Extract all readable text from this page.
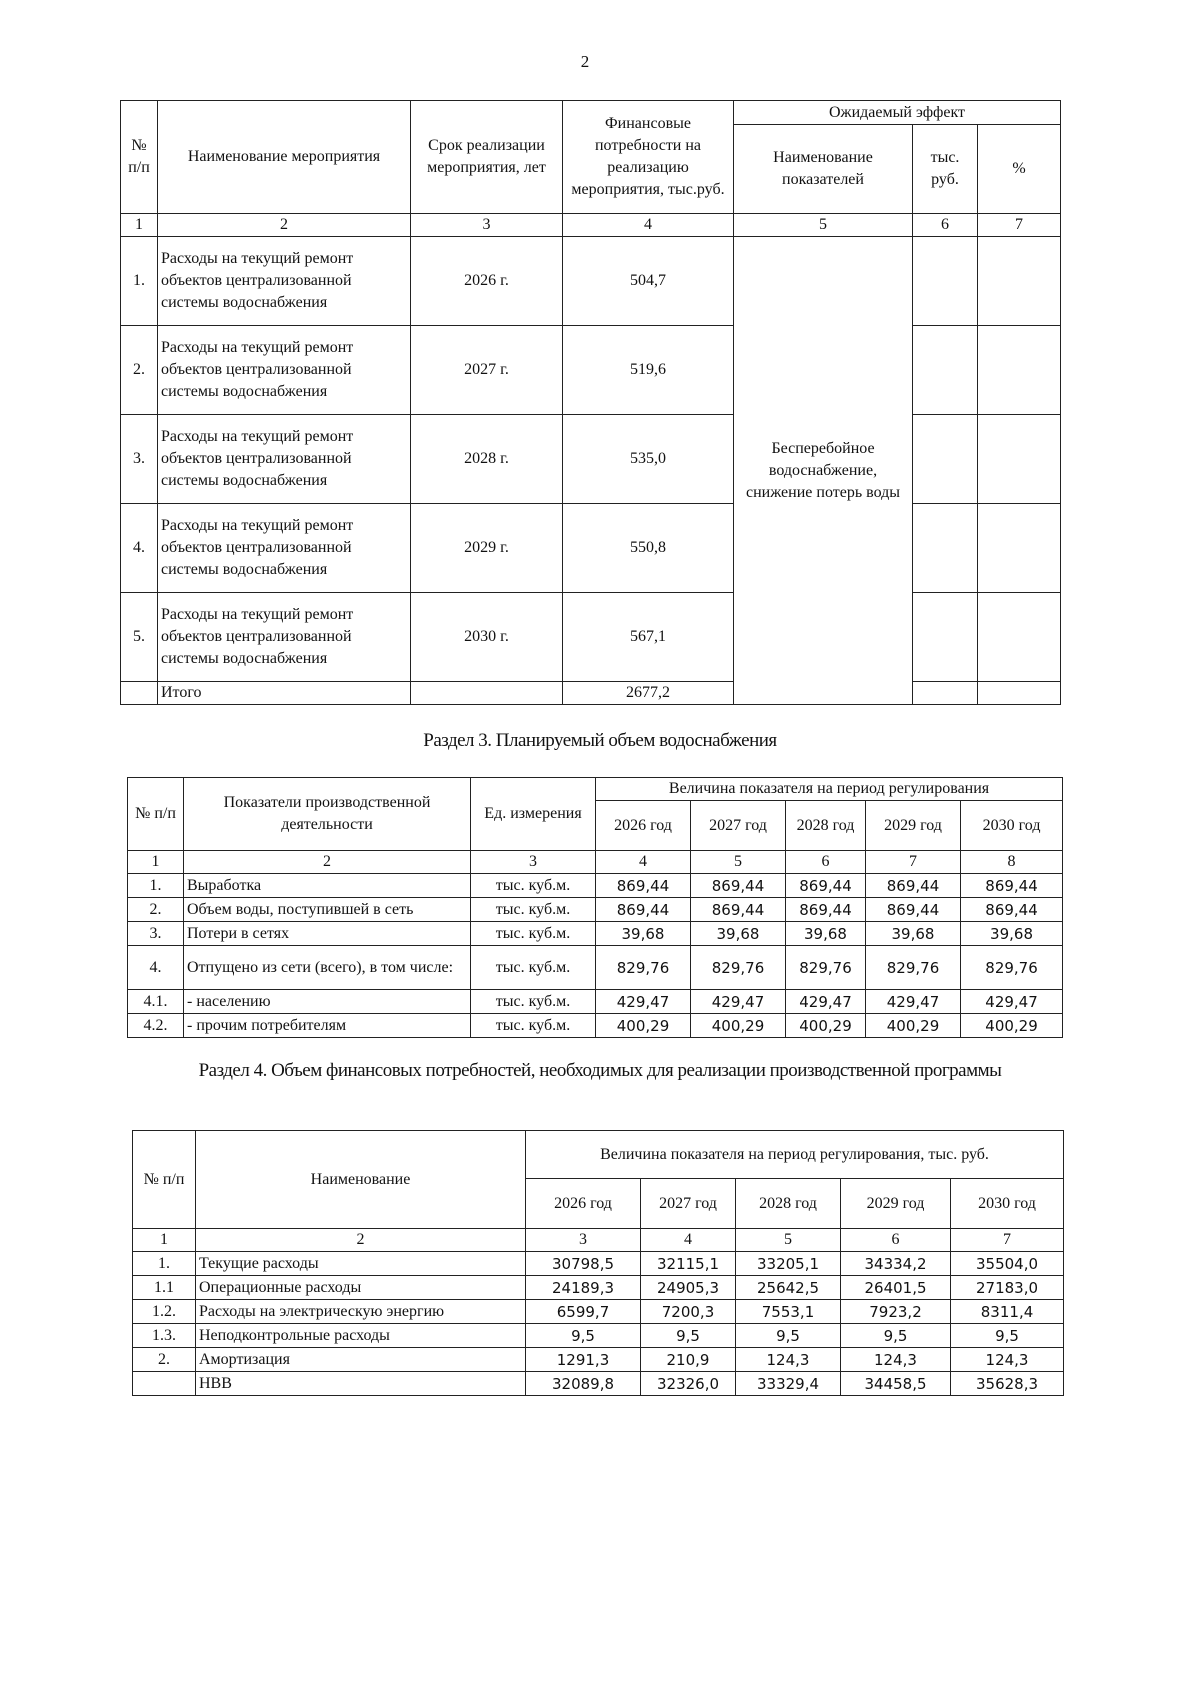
2
№ п/п	Наименование мероприятия	Срок реализации мероприятия, лет	Финансовые потребности на реализацию мероприятия, тыс.руб.	Ожидаемый эффект		
				Наименование показателей	тыс. руб.	%
1	2	3	4	5	6	7
1.	Расходы на текущий ремонт объектов централизованной системы водоснабжения	2026 г.	504,7	Бесперебойное водоснабжение, снижение потерь воды		
2.	Расходы на текущий ремонт объектов централизованной системы водоснабжения	2027 г.	519,6			
3.	Расходы на текущий ремонт объектов централизованной системы водоснабжения	2028 г.	535,0			
4.	Расходы на текущий ремонт объектов централизованной системы водоснабжения	2029 г.	550,8			
5.	Расходы на текущий ремонт объектов централизованной системы водоснабжения	2030 г.	567,1			
	Итого		2677,2			
Раздел 3. Планируемый объем водоснабжения
№ п/п	Показатели производственной деятельности	Ед. измерения	Величина показателя на период регулирования				
			2026 год	2027 год	2028 год	2029 год	2030 год
1	2	3	4	5	6	7	8
1.	Выработка	тыс. куб.м.	869,44	869,44	869,44	869,44	869,44
2.	Объем воды, поступившей в сеть	тыс. куб.м.	869,44	869,44	869,44	869,44	869,44
3.	Потери в сетях	тыс. куб.м.	39,68	39,68	39,68	39,68	39,68
4.	Отпущено из сети (всего), в том числе:	тыс. куб.м.	829,76	829,76	829,76	829,76	829,76
4.1.	- населению	тыс. куб.м.	429,47	429,47	429,47	429,47	429,47
4.2.	- прочим потребителям	тыс. куб.м.	400,29	400,29	400,29	400,29	400,29
Раздел 4. Объем финансовых потребностей, необходимых для реализации производственной программы
№ п/п	Наименование	Величина показателя на период регулирования, тыс. руб.				
		2026 год	2027 год	2028 год	2029 год	2030 год
1	2	3	4	5	6	7
1.	Текущие расходы	30798,5	32115,1	33205,1	34334,2	35504,0
1.1	Операционные расходы	24189,3	24905,3	25642,5	26401,5	27183,0
1.2.	Расходы на электрическую энергию	6599,7	7200,3	7553,1	7923,2	8311,4
1.3.	Неподконтрольные расходы	9,5	9,5	9,5	9,5	9,5
2.	Амортизация	1291,3	210,9	124,3	124,3	124,3
	НВВ	32089,8	32326,0	33329,4	34458,5	35628,3
